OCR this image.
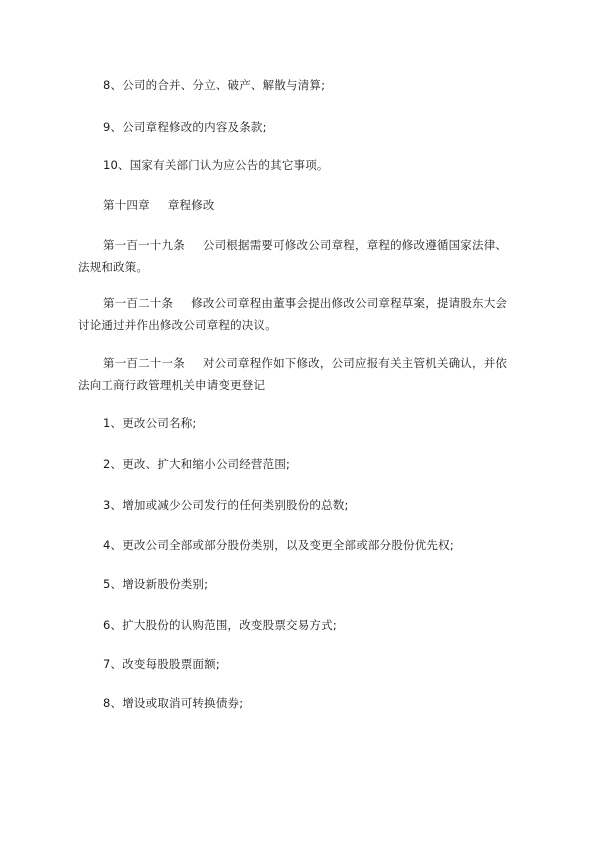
8、公司的合并、分立、破产、解散与清算;
9、公司章程修改的内容及条款;
10、国家有关部门认为应公告的其它事项。
第十四章 章程修改
第一百一十九条 公司根据需要可修改公司章程，章程的修改遵循国家法律、法规和政策。
第一百二十条 修改公司章程由董事会提出修改公司章程草案，提请股东大会讨论通过并作出修改公司章程的决议。
第一百二十一条 对公司章程作如下修改，公司应报有关主管机关确认，并依法向工商行政管理机关申请变更登记
1、更改公司名称;
2、更改、扩大和缩小公司经营范围;
3、增加或减少公司发行的任何类别股份的总数;
4、更改公司全部或部分股份类别，以及变更全部或部分股份优先权;
5、增设新股份类别;
6、扩大股份的认购范围，改变股票交易方式;
7、改变每股股票面额;
8、增设或取消可转换债券;
